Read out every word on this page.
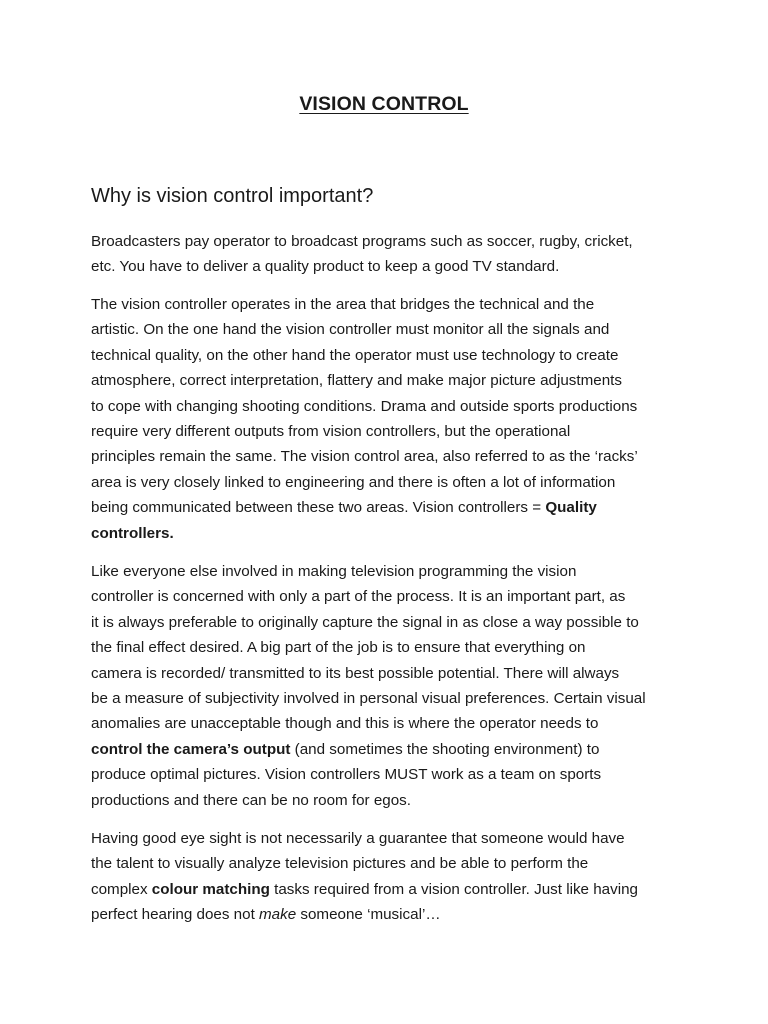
VISION CONTROL
Why is vision control important?

Broadcasters pay operator to broadcast programs such as soccer, rugby, cricket,
etc. You have to deliver a quality product to keep a good TV standard.

The vision controller operates in the area that bridges the technical and the
artistic. On the one hand the vision controller must monitor all the signals and
technical quality, on the other hand the operator must use technology to create
atmosphere, correct interpretation, flattery and make major picture adjustments
to cope with changing shooting conditions. Drama and outside sports productions
require very different outputs from vision controllers, but the operational
principles remain the same. The vision control area, also referred to as the ‘racks’
area is very closely linked to engineering and there is often a lot of information
being communicated between these two areas. Vision controllers = Quality
controllers.

Like everyone else involved in making television programming the vision
controller is concerned with only a part of the process. It is an important part, as
it is always preferable to originally capture the signal in as close a way possible to
the final effect desired. A big part of the job is to ensure that everything on
camera is recorded/ transmitted to its best possible potential. There will always
be a measure of subjectivity involved in personal visual preferences. Certain visual
anomalies are unacceptable though and this is where the operator needs to
control the camera’s output (and sometimes the shooting environment) to
produce optimal pictures. Vision controllers MUST work as a team on sports
productions and there can be no room for egos.

Having good eye sight is not necessarily a guarantee that someone would have
the talent to visually analyze television pictures and be able to perform the
complex colour matching tasks required from a vision controller. Just like having
perfect hearing does not make someone ‘musical’…
